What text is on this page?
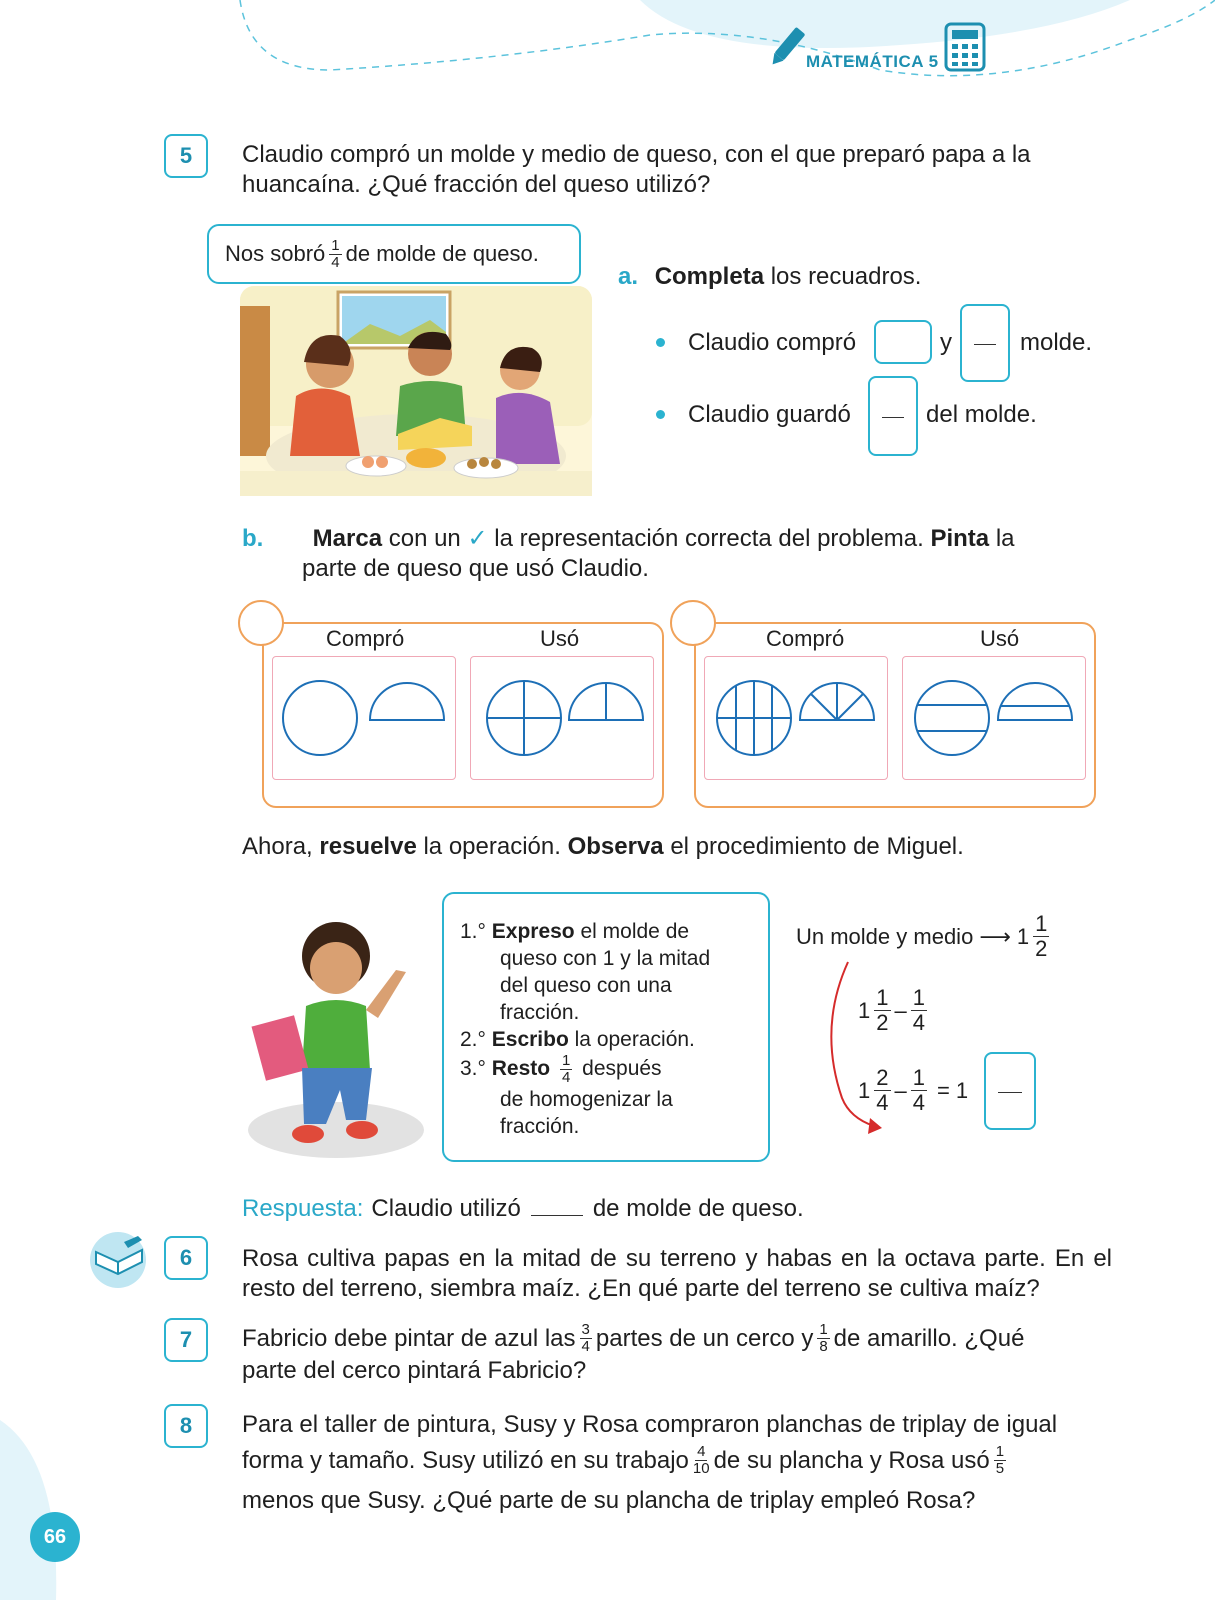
MATEMÁTICA 5
5	Claudio compró un molde y medio de queso, con el que preparó papa a la huancaína. ¿Qué fracción del queso utilizó?
Nos sobró $\frac{1}{4}$ de molde de queso.
a. Completa los recuadros.
Claudio compró	y	molde.
Claudio guardó	del molde.
b. Marca con un ✓ la representación correcta del problema. Pinta la
parte de queso que usó Claudio.
Compró	Usó	Compró	Usó
Ahora, resuelve la operación. Observa el procedimiento de Miguel.
1.° Expreso el molde de
queso con 1 y la mitad
del queso con una
fracción.
2.° Escribo la operación.
3.° Resto $\frac{1}{4}$ después
de homogenizar la
fracción.
Un molde y medio ⟶ $1 \frac{1}{2}$
$1 \frac{1}{2} - \frac{1}{4}$
$1 \frac{2}{4} - \frac{1}{4} = 1$
Respuesta: Claudio utilizó	de molde de queso.
6	Rosa cultiva papas en la mitad de su terreno y habas en la octava parte. En el resto del terreno, siembra maíz. ¿En qué parte del terreno se cultiva maíz?
7	Fabricio debe pintar de azul las $\frac{3}{4}$ partes de un cerco y $\frac{1}{8}$ de amarillo. ¿Qué
parte del cerco pintará Fabricio?
8	Para el taller de pintura, Susy y Rosa compraron planchas de triplay de igual
forma y tamaño. Susy utilizó en su trabajo $\frac{4}{10}$ de su plancha y Rosa usó $\frac{1}{5}$
menos que Susy. ¿Qué parte de su plancha de triplay empleó Rosa?
66
